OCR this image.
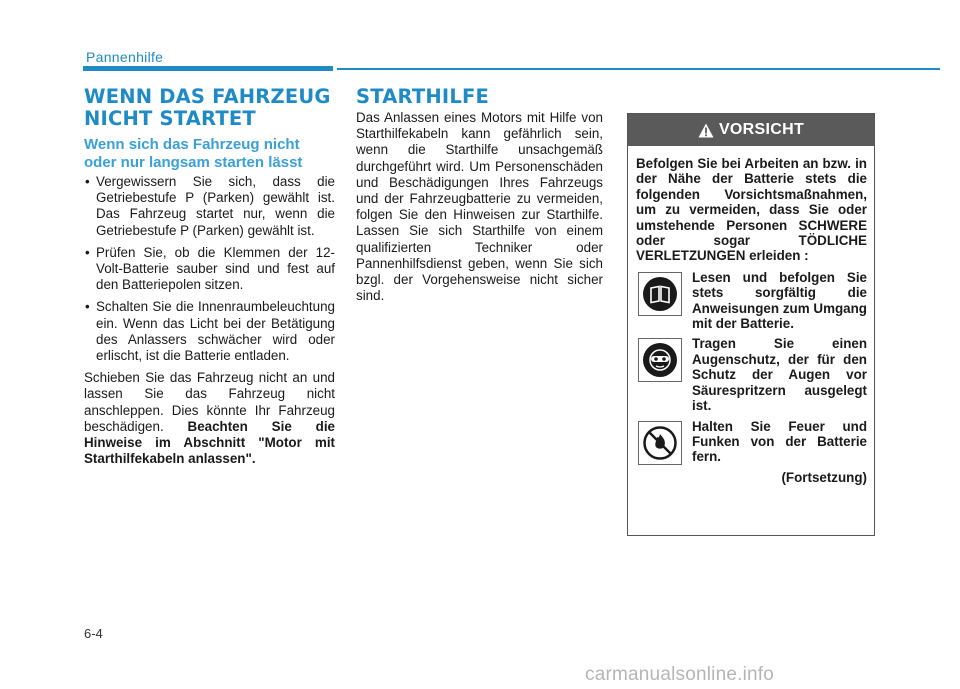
Pannenhilfe
WENN DAS FAHRZEUG
NICHT STARTET
Wenn sich das Fahrzeug nicht
oder nur langsam starten lässt
• Vergewissern Sie sich, dass die Getriebestufe P (Parken) gewählt ist. Das Fahrzeug startet nur, wenn die Getriebestufe P (Parken) gewählt ist.
• Prüfen Sie, ob die Klemmen der 12-Volt-Batterie sauber sind und fest auf den Batteriepolen sitzen.
• Schalten Sie die Innenraumbeleuchtung ein. Wenn das Licht bei der Betätigung des Anlassers schwächer wird oder erlischt, ist die Batterie entladen.

Schieben Sie das Fahrzeug nicht an und lassen Sie das Fahrzeug nicht anschleppen. Dies könnte Ihr Fahrzeug beschädigen. Beachten Sie die Hinweise im Abschnitt "Motor mit Starthilfekabeln anlassen".

STARTHILFE
Das Anlassen eines Motors mit Hilfe von Starthilfekabeln kann gefährlich sein, wenn die Starthilfe unsachgemäß durchgeführt wird. Um Personenschäden und Beschädigungen Ihres Fahrzeugs und der Fahrzeugbatterie zu vermeiden, folgen Sie den Hinweisen zur Starthilfe. Lassen Sie sich Starthilfe von einem qualifizierten Techniker oder Pannenhilfsdienst geben, wenn Sie sich bzgl. der Vorgehensweise nicht sicher sind.
VORSICHT
Befolgen Sie bei Arbeiten an bzw. in der Nähe der Batterie stets die folgenden Vorsichtsmaßnahmen, um zu vermeiden, dass Sie oder umstehende Personen SCHWERE oder sogar TÖDLICHE VERLETZUNGEN erleiden :
Lesen und befolgen Sie stets sorgfältig die Anweisungen zum Umgang mit der Batterie.
Tragen Sie einen Augenschutz, der für den Schutz der Augen vor Säurespritzern ausgelegt ist.
Halten Sie Feuer und Funken von der Batterie fern.
(Fortsetzung)
6-4
carmanualsonline.info
